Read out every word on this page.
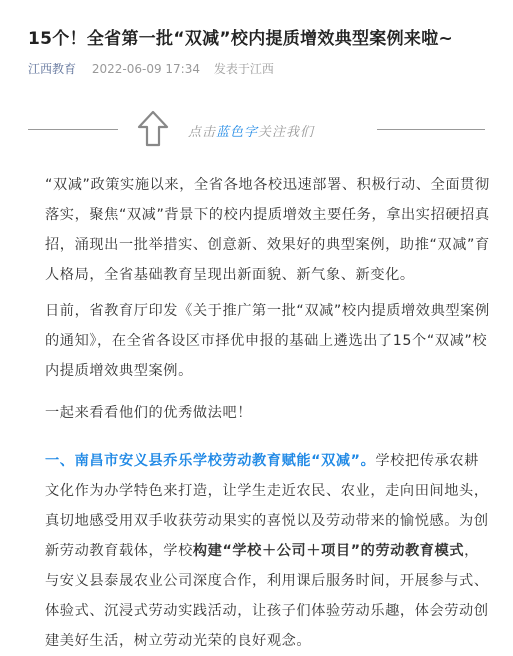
15个！全省第一批“双减”校内提质增效典型案例来啦~
江西教育 2022-06-09 17:34 发表于江西
点击蓝色字关注我们

“双减”政策实施以来，全省各地各校迅速部署、积极行动、全面贯彻落实，聚焦“双减”背景下的校内提质增效主要任务，拿出实招硬招真招，涌现出一批举措实、创意新、效果好的典型案例，助推“双减”育人格局，全省基础教育呈现出新面貌、新气象、新变化。

日前，省教育厅印发《关于推广第一批“双减”校内提质增效典型案例的通知》，在全省各设区市择优申报的基础上遴选出了15个“双减”校内提质增效典型案例。

一起来看看他们的优秀做法吧！

一、南昌市安义县乔乐学校劳动教育赋能“双减”。学校把传承农耕文化作为办学特色来打造，让学生走近农民、农业，走向田间地头，真切地感受用双手收获劳动果实的喜悦以及劳动带来的愉悦感。为创新劳动教育载体，学校构建“学校＋公司＋项目”的劳动教育模式，与安义县泰晟农业公司深度合作，利用课后服务时间，开展参与式、体验式、沉浸式劳动实践活动，让孩子们体验劳动乐趣，体会劳动创建美好生活，树立劳动光荣的良好观念。
